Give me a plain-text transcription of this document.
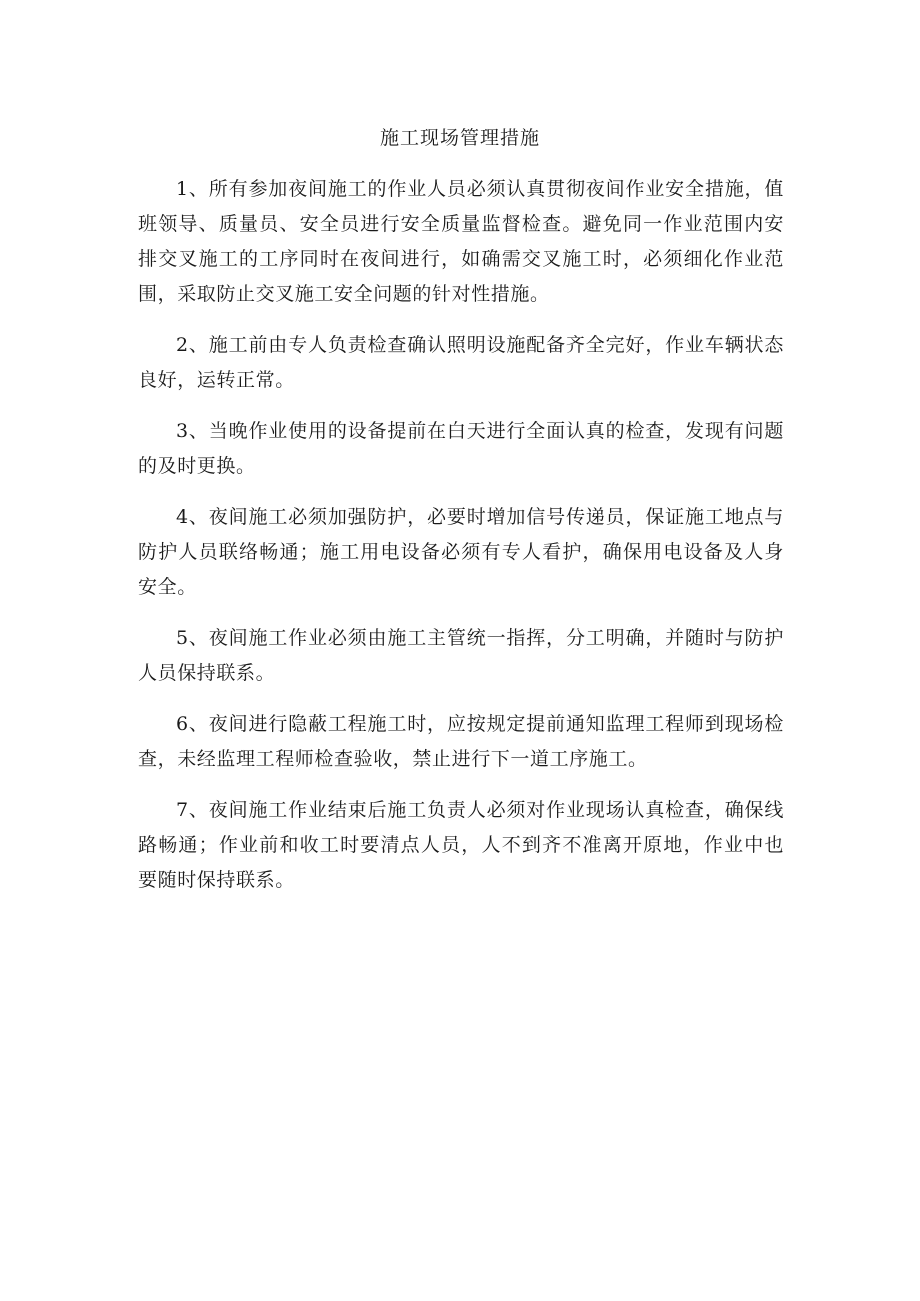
施工现场管理措施

1、所有参加夜间施工的作业人员必须认真贯彻夜间作业安全措施，值班领导、质量员、安全员进行安全质量监督检查。避免同一作业范围内安排交叉施工的工序同时在夜间进行，如确需交叉施工时，必须细化作业范围，采取防止交叉施工安全问题的针对性措施。

2、施工前由专人负责检查确认照明设施配备齐全完好，作业车辆状态良好，运转正常。

3、当晚作业使用的设备提前在白天进行全面认真的检查，发现有问题的及时更换。

4、夜间施工必须加强防护，必要时增加信号传递员，保证施工地点与防护人员联络畅通；施工用电设备必须有专人看护，确保用电设备及人身安全。

5、夜间施工作业必须由施工主管统一指挥，分工明确，并随时与防护人员保持联系。

6、夜间进行隐蔽工程施工时，应按规定提前通知监理工程师到现场检查，未经监理工程师检查验收，禁止进行下一道工序施工。

7、夜间施工作业结束后施工负责人必须对作业现场认真检查，确保线路畅通；作业前和收工时要清点人员，人不到齐不准离开原地，作业中也要随时保持联系。
